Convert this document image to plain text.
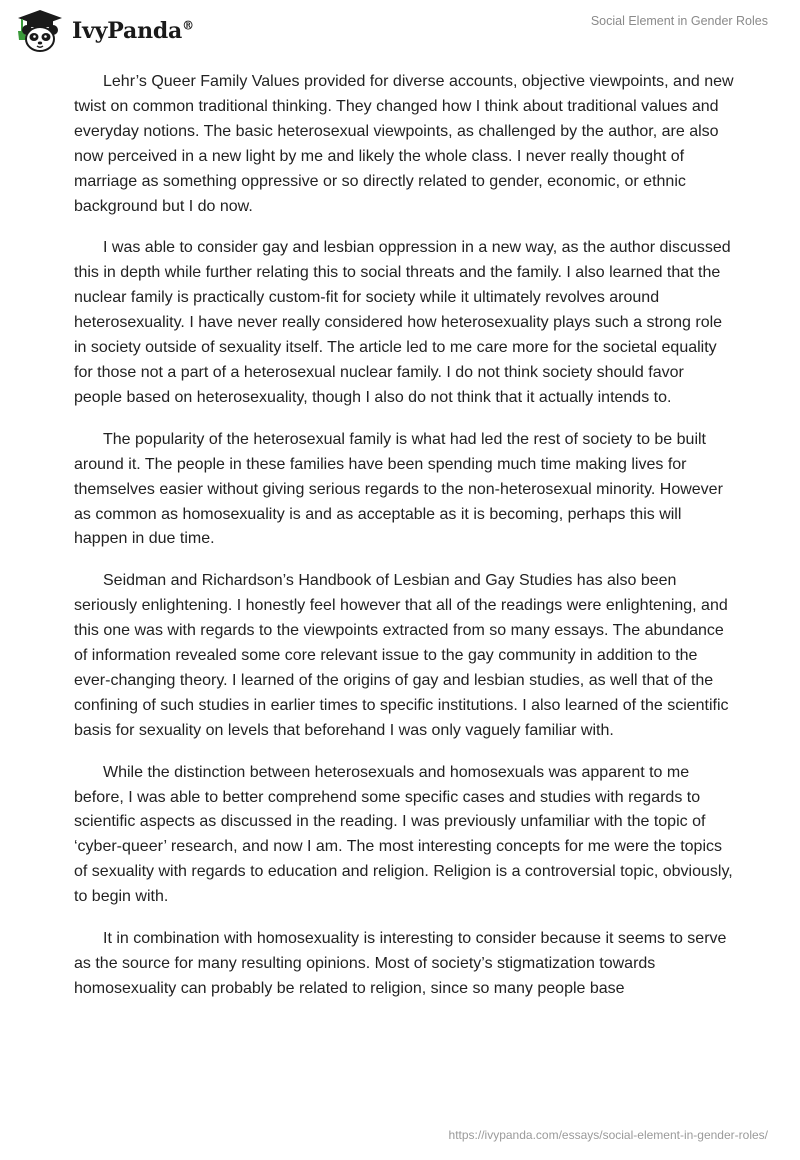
IvyPanda®	Social Element in Gender Roles

Lehr’s Queer Family Values provided for diverse accounts, objective viewpoints, and new twist on common traditional thinking. They changed how I think about traditional values and everyday notions. The basic heterosexual viewpoints, as challenged by the author, are also now perceived in a new light by me and likely the whole class. I never really thought of marriage as something oppressive or so directly related to gender, economic, or ethnic background but I do now.

I was able to consider gay and lesbian oppression in a new way, as the author discussed this in depth while further relating this to social threats and the family. I also learned that the nuclear family is practically custom-fit for society while it ultimately revolves around heterosexuality. I have never really considered how heterosexuality plays such a strong role in society outside of sexuality itself. The article led to me care more for the societal equality for those not a part of a heterosexual nuclear family. I do not think society should favor people based on heterosexuality, though I also do not think that it actually intends to.

The popularity of the heterosexual family is what had led the rest of society to be built around it. The people in these families have been spending much time making lives for themselves easier without giving serious regards to the non-heterosexual minority. However as common as homosexuality is and as acceptable as it is becoming, perhaps this will happen in due time.

Seidman and Richardson’s Handbook of Lesbian and Gay Studies has also been seriously enlightening. I honestly feel however that all of the readings were enlightening, and this one was with regards to the viewpoints extracted from so many essays. The abundance of information revealed some core relevant issue to the gay community in addition to the ever-changing theory. I learned of the origins of gay and lesbian studies, as well that of the confining of such studies in earlier times to specific institutions. I also learned of the scientific basis for sexuality on levels that beforehand I was only vaguely familiar with.

While the distinction between heterosexuals and homosexuals was apparent to me before, I was able to better comprehend some specific cases and studies with regards to scientific aspects as discussed in the reading. I was previously unfamiliar with the topic of ‘cyber-queer’ research, and now I am. The most interesting concepts for me were the topics of sexuality with regards to education and religion. Religion is a controversial topic, obviously, to begin with.

It in combination with homosexuality is interesting to consider because it seems to serve as the source for many resulting opinions. Most of society’s stigmatization towards homosexuality can probably be related to religion, since so many people base

https://ivypanda.com/essays/social-element-in-gender-roles/
